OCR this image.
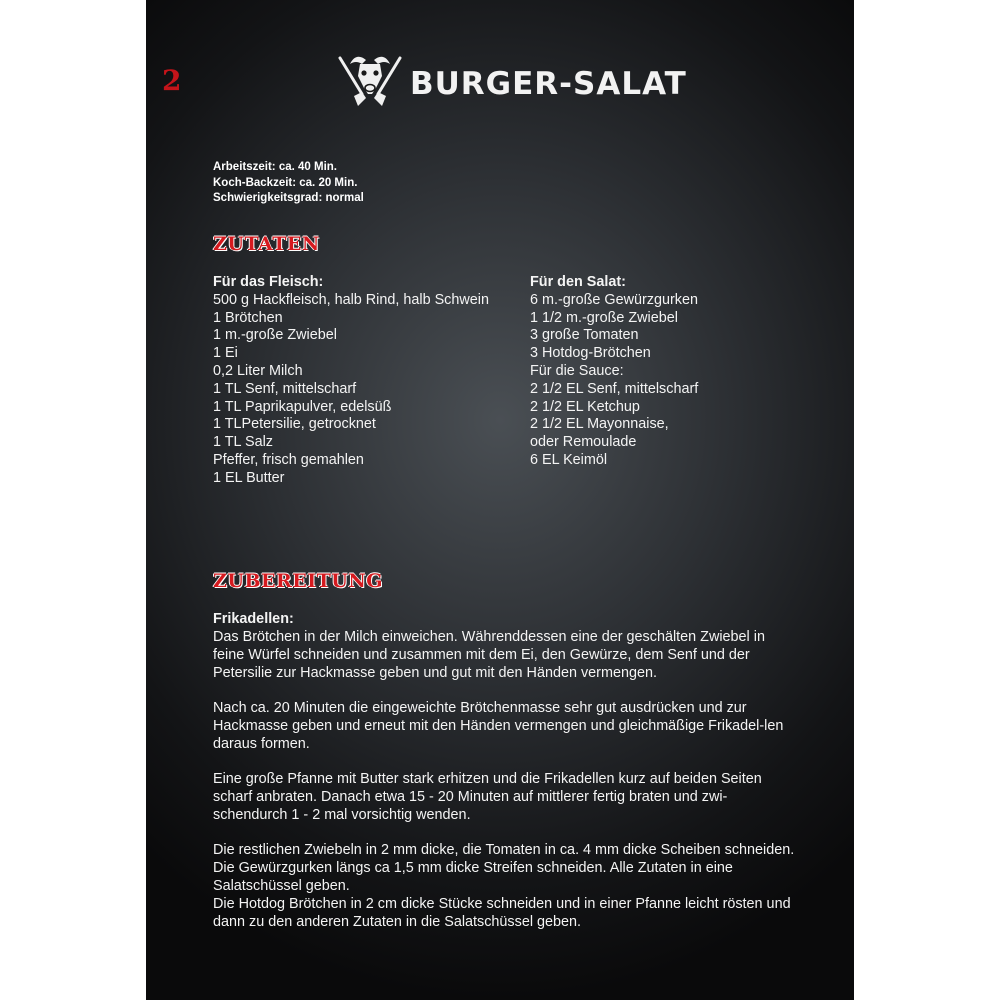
2	BURGER-SALAT
Arbeitszeit: ca. 40 Min.
Koch-Backzeit: ca. 20 Min.
Schwierigkeitsgrad: normal
ZUTATEN
Für das Fleisch:
500 g Hackfleisch, halb Rind, halb Schwein
1 Brötchen
1 m.-große Zwiebel
1 Ei
0,2 Liter Milch
1 TL Senf, mittelscharf
1 TL Paprikapulver, edelsüß
1 TLPetersilie, getrocknet
1 TL Salz
Pfeffer, frisch gemahlen
1 EL Butter
Für den Salat:
6 m.-große Gewürzgurken
1 1/2 m.-große Zwiebel
3 große Tomaten
3 Hotdog-Brötchen
Für die Sauce:
2 1/2 EL Senf, mittelscharf
2 1/2 EL Ketchup
2 1/2 EL Mayonnaise,
oder Remoulade
6 EL Keimöl
ZUBEREITUNG
Frikadellen:

Das Brötchen in der Milch einweichen. Währenddessen eine der geschälten Zwiebel in feine Würfel schneiden und zusammen mit dem Ei, den Gewürze, dem Senf und der Petersilie zur Hackmasse geben und gut mit den Händen vermengen.

Nach ca. 20 Minuten die eingeweichte Brötchenmasse sehr gut ausdrücken und zur Hackmasse geben und erneut mit den Händen vermengen und gleichmäßige Frikadel-len daraus formen.

Eine große Pfanne mit Butter stark erhitzen und die Frikadellen kurz auf beiden Seiten scharf anbraten. Danach etwa 15 - 20 Minuten auf mittlerer fertig braten und zwi-schendurch 1 - 2 mal vorsichtig wenden.

Die restlichen Zwiebeln in 2 mm dicke, die Tomaten in ca. 4 mm dicke Scheiben schneiden. Die Gewürzgurken längs ca 1,5 mm dicke Streifen schneiden. Alle Zutaten in eine Salatschüssel geben.

Die Hotdog Brötchen in 2 cm dicke Stücke schneiden und in einer Pfanne leicht rösten und dann zu den anderen Zutaten in die Salatschüssel geben.
